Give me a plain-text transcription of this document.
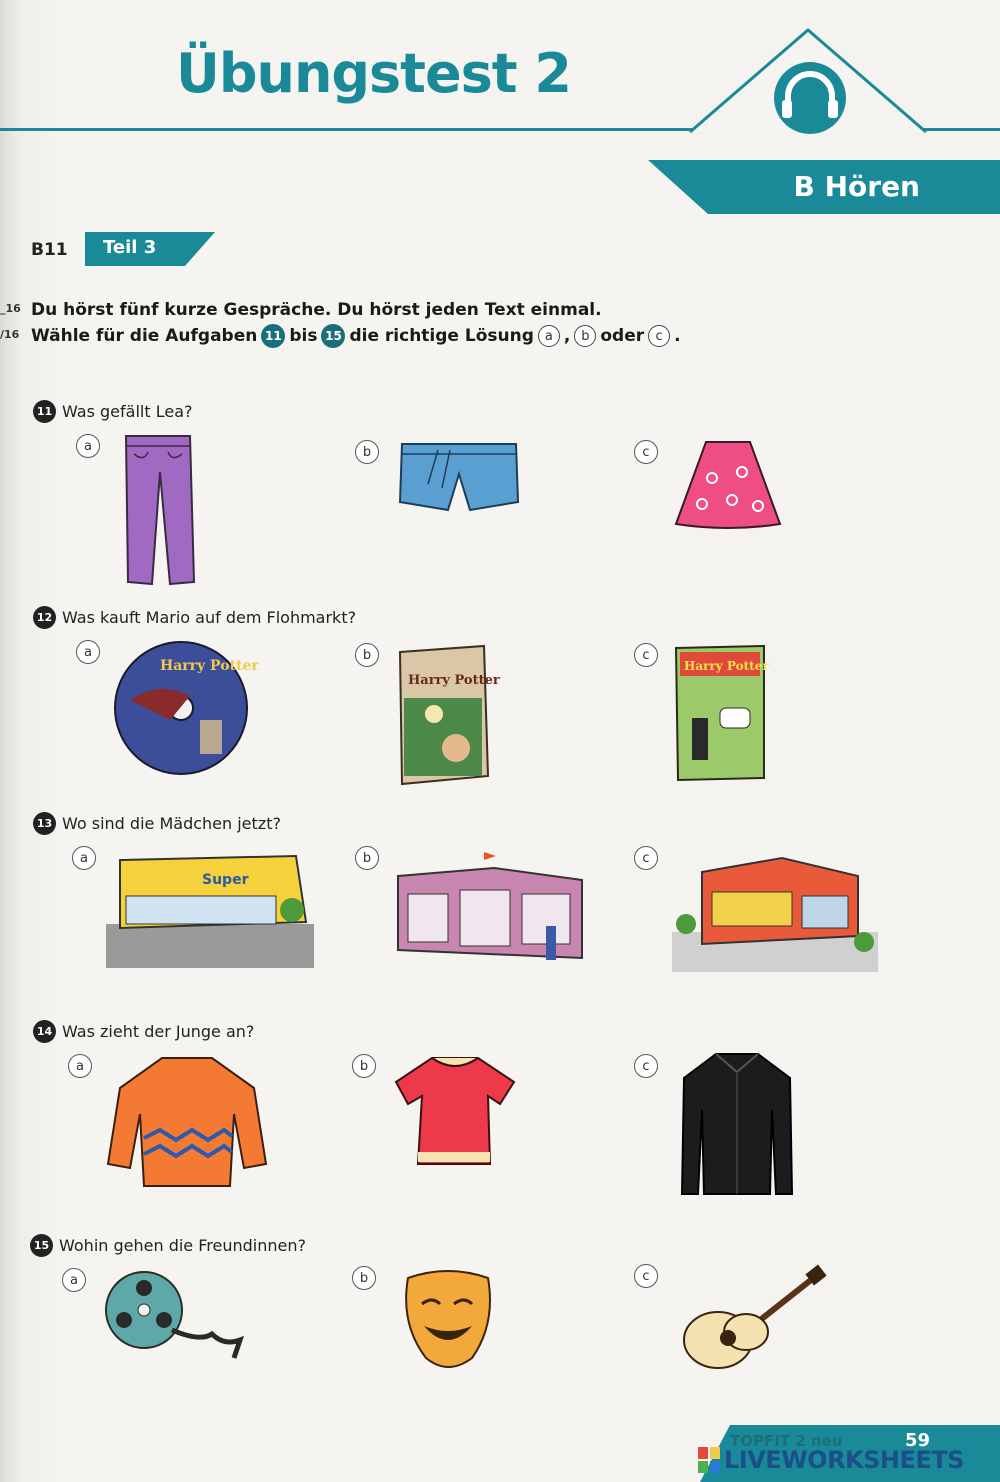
Übungstest 2
B Hören
B11 Teil 3
_16
/16
Du hörst fünf kurze Gespräche. Du hörst jeden Text einmal.
Wähle für die Aufgaben 11 bis 15 die richtige Lösung a , b oder c .
11 Was gefällt Lea?
a	b	c
12 Was kauft Mario auf dem Flohmarkt?
a	b	c
Harry Potter
Harry Potter
Harry Potter
13 Wo sind die Mädchen jetzt?
a	b	c
Super
14 Was zieht der Junge an?
a	b	c
15 Wohin gehen die Freundinnen?
a	b	c
TOPFIT 2 neu	59
LIVEWORKSHEETS
